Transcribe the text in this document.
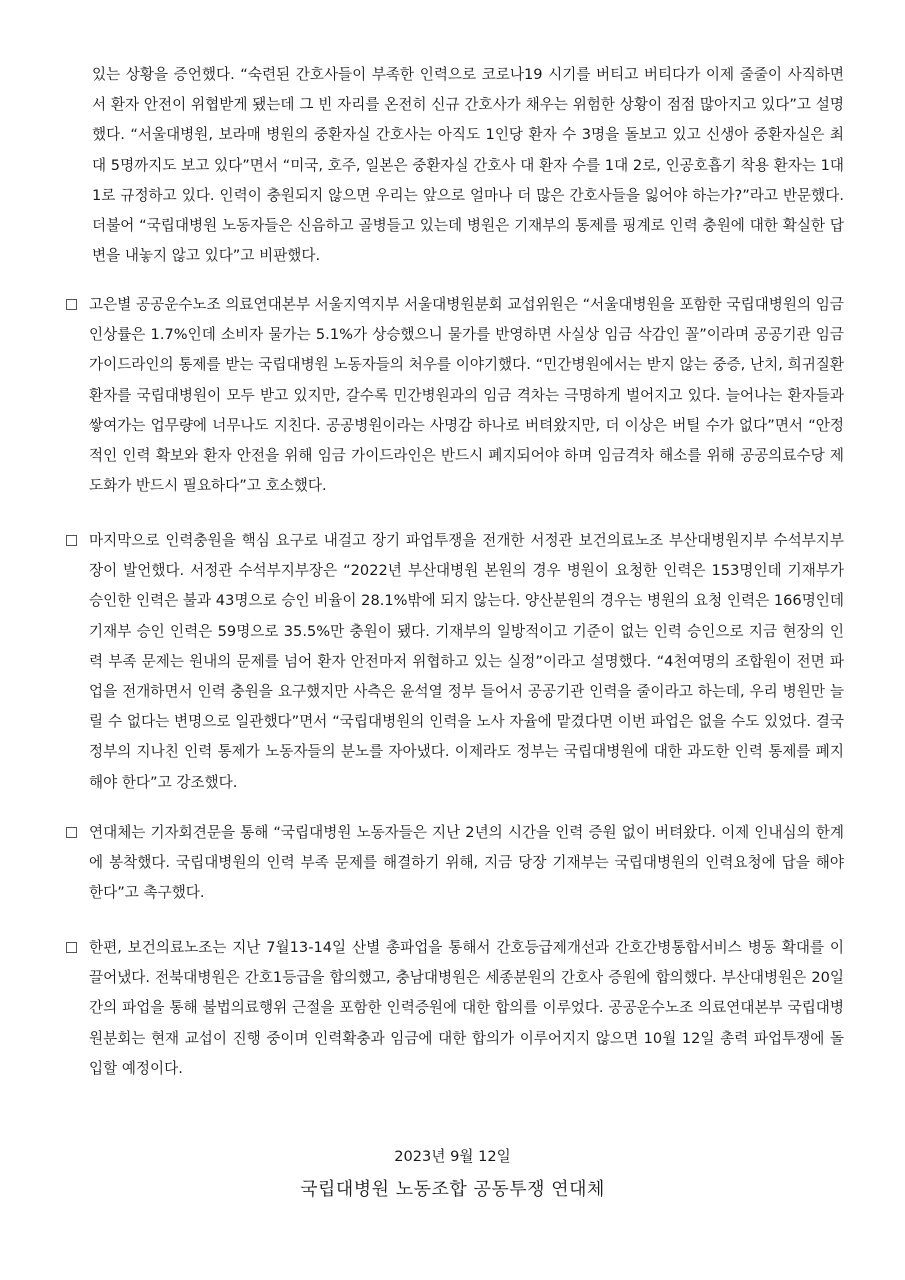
있는 상황을 증언했다. “숙련된 간호사들이 부족한 인력으로 코로나19 시기를 버티고 버티다가 이제 줄줄이 사직하면서 환자 안전이 위협받게 됐는데 그 빈 자리를 온전히 신규 간호사가 채우는 위험한 상황이 점점 많아지고 있다”고 설명했다. “서울대병원, 보라매 병원의 중환자실 간호사는 아직도 1인당 환자 수 3명을 돌보고 있고 신생아 중환자실은 최대 5명까지도 보고 있다”면서 “미국, 호주, 일본은 중환자실 간호사 대 환자 수를 1대 2로, 인공호흡기 착용 환자는 1대 1로 규정하고 있다. 인력이 충원되지 않으면 우리는 앞으로 얼마나 더 많은 간호사들을 잃어야 하는가?”라고 반문했다. 더불어 “국립대병원 노동자들은 신음하고 골병들고 있는데 병원은 기재부의 통제를 핑계로 인력 충원에 대한 확실한 답변을 내놓지 않고 있다”고 비판했다.

고은별 공공운수노조 의료연대본부 서울지역지부 서울대병원분회 교섭위원은 “서울대병원을 포함한 국립대병원의 임금 인상률은 1.7%인데 소비자 물가는 5.1%가 상승했으니 물가를 반영하면 사실상 임금 삭감인 꼴”이라며 공공기관 임금 가이드라인의 통제를 받는 국립대병원 노동자들의 처우를 이야기했다. “민간병원에서는 받지 않는 중증, 난치, 희귀질환 환자를 국립대병원이 모두 받고 있지만, 갈수록 민간병원과의 임금 격차는 극명하게 벌어지고 있다. 늘어나는 환자들과 쌓여가는 업무량에 너무나도 지친다. 공공병원이라는 사명감 하나로 버텨왔지만, 더 이상은 버틸 수가 없다”면서 “안정적인 인력 확보와 환자 안전을 위해 임금 가이드라인은 반드시 폐지되어야 하며 임금격차 해소를 위해 공공의료수당 제도화가 반드시 필요하다”고 호소했다.

마지막으로 인력충원을 핵심 요구로 내걸고 장기 파업투쟁을 전개한 서정관 보건의료노조 부산대병원지부 수석부지부장이 발언했다. 서정관 수석부지부장은 “2022년 부산대병원 본원의 경우 병원이 요청한 인력은 153명인데 기재부가 승인한 인력은 불과 43명으로 승인 비율이 28.1%밖에 되지 않는다. 양산분원의 경우는 병원의 요청 인력은 166명인데 기재부 승인 인력은 59명으로 35.5%만 충원이 됐다. 기재부의 일방적이고 기준이 없는 인력 승인으로 지금 현장의 인력 부족 문제는 원내의 문제를 넘어 환자 안전마저 위협하고 있는 실정”이라고 설명했다. “4천여명의 조합원이 전면 파업을 전개하면서 인력 충원을 요구했지만 사측은 윤석열 정부 들어서 공공기관 인력을 줄이라고 하는데, 우리 병원만 늘릴 수 없다는 변명으로 일관했다”면서 “국립대병원의 인력을 노사 자율에 맡겼다면 이번 파업은 없을 수도 있었다. 결국 정부의 지나친 인력 통제가 노동자들의 분노를 자아냈다. 이제라도 정부는 국립대병원에 대한 과도한 인력 통제를 폐지해야 한다”고 강조했다.

연대체는 기자회견문을 통해 “국립대병원 노동자들은 지난 2년의 시간을 인력 증원 없이 버텨왔다. 이제 인내심의 한계에 봉착했다. 국립대병원의 인력 부족 문제를 해결하기 위해, 지금 당장 기재부는 국립대병원의 인력요청에 답을 해야 한다”고 촉구했다.

한편, 보건의료노조는 지난 7월13-14일 산별 총파업을 통해서 간호등급제개선과 간호간병통합서비스 병동 확대를 이끌어냈다. 전북대병원은 간호1등급을 합의했고, 충남대병원은 세종분원의 간호사 증원에 합의했다. 부산대병원은 20일간의 파업을 통해 불법의료행위 근절을 포함한 인력증원에 대한 합의를 이루었다. 공공운수노조 의료연대본부 국립대병원분회는 현재 교섭이 진행 중이며 인력확충과 임금에 대한 합의가 이루어지지 않으면 10월 12일 총력 파업투쟁에 돌입할 예정이다.

2023년 9월 12일

국립대병원 노동조합 공동투쟁 연대체
